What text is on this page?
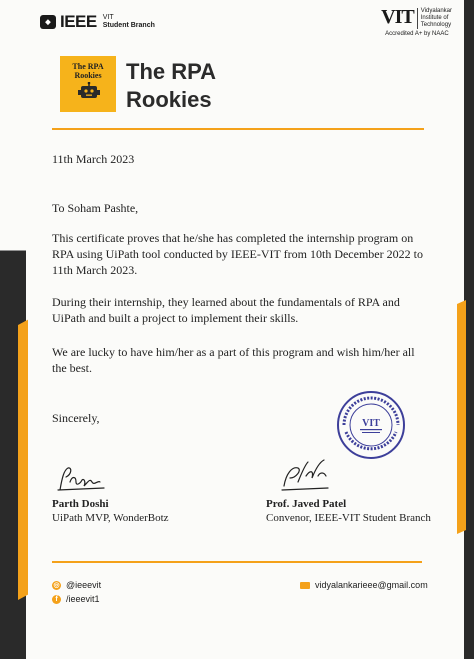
◆ IEEE VIT
Student Branch	VIT Vidyalankar
Institute of
Technology
Accredited A+ by NAAC
The RPA
Rookies	The RPA
Rookies
11th March 2023
To Soham Pashte,
This certificate proves that he/she has completed the internship program on RPA using UiPath tool conducted by IEEE-VIT from 10th December 2022 to 11th March 2023.
During their internship, they learned about the fundamentals of RPA and UiPath and built a project to implement their skills.
We are lucky to have him/her as a part of this program and wish him/her all the best.
Sincerely,	VIT
Parth Doshi
UiPath MVP, WonderBotz
Prof. Javed Patel
Convenor, IEEE-VIT Student Branch
◎ @ieeevit
f /ieeevit1
vidyalankarieee@gmail.com
